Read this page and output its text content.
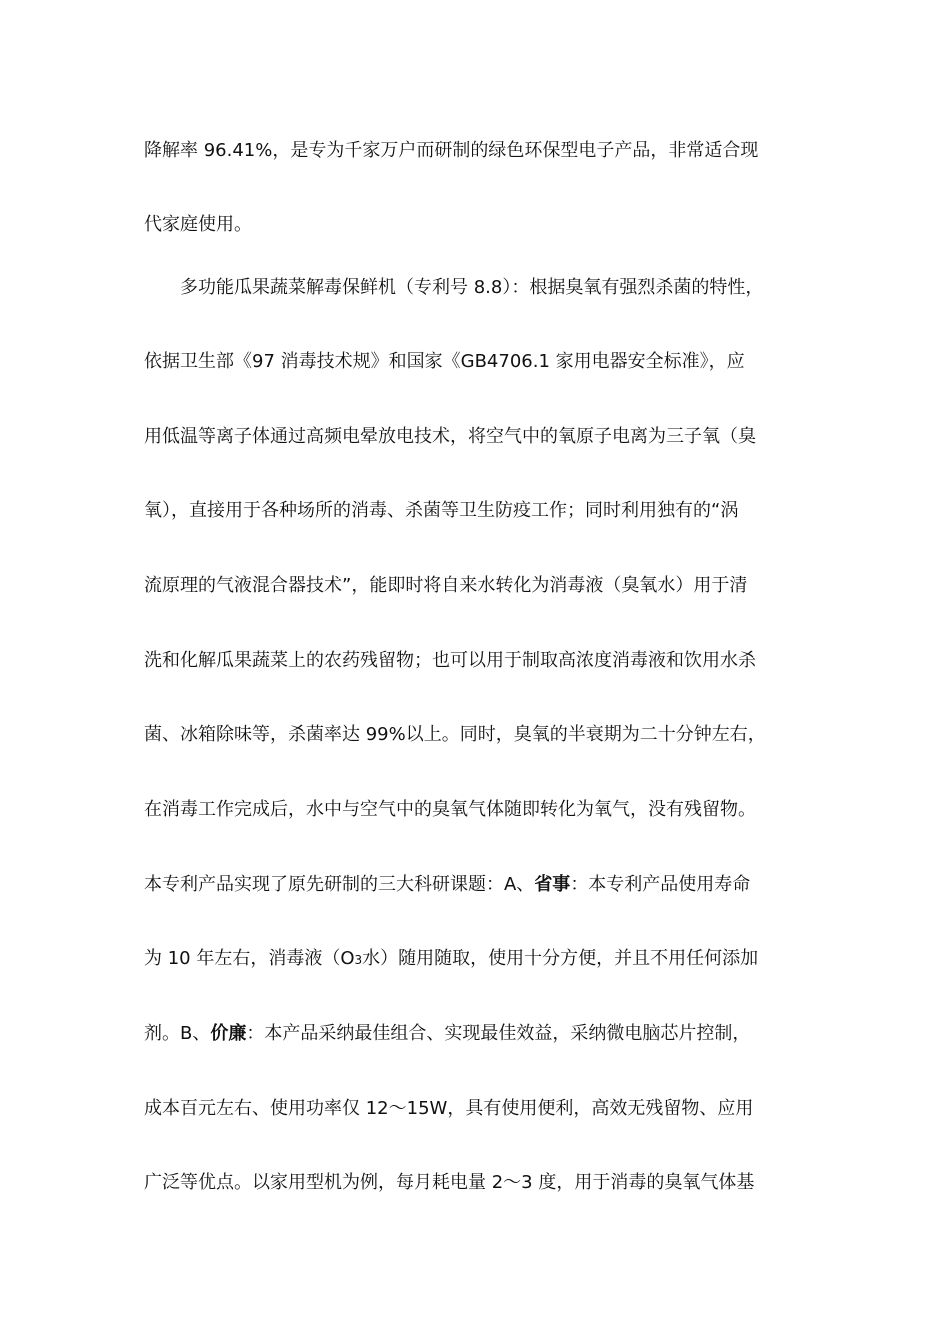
降解率 96.41%，是专为千家万户而研制的绿色环保型电子产品，非常适合现
代家庭使用。
多功能瓜果蔬菜解毒保鲜机（专利号 8.8）：根据臭氧有强烈杀菌的特性，
依据卫生部《97 消毒技术规》和国家《GB4706.1 家用电器安全标准》，应
用低温等离子体通过高频电晕放电技术，将空气中的氧原子电离为三子氧（臭
氧），直接用于各种场所的消毒、杀菌等卫生防疫工作；同时利用独有的“涡
流原理的气液混合器技术”，能即时将自来水转化为消毒液（臭氧水）用于清
洗和化解瓜果蔬菜上的农药残留物；也可以用于制取高浓度消毒液和饮用水杀
菌、冰箱除味等，杀菌率达 99%以上。同时，臭氧的半衰期为二十分钟左右，
在消毒工作完成后，水中与空气中的臭氧气体随即转化为氧气，没有残留物。
本专利产品实现了原先研制的三大科研课题：A、省事：本专利产品使用寿命
为 10 年左右，消毒液（O3水）随用随取，使用十分方便，并且不用任何添加
剂。B、价廉：本产品采纳最佳组合、实现最佳效益，采纳微电脑芯片控制，
成本百元左右、使用功率仅 12～15W，具有使用便利，高效无残留物、应用
广泛等优点。以家用型机为例，每月耗电量 2～3 度，用于消毒的臭氧气体基
